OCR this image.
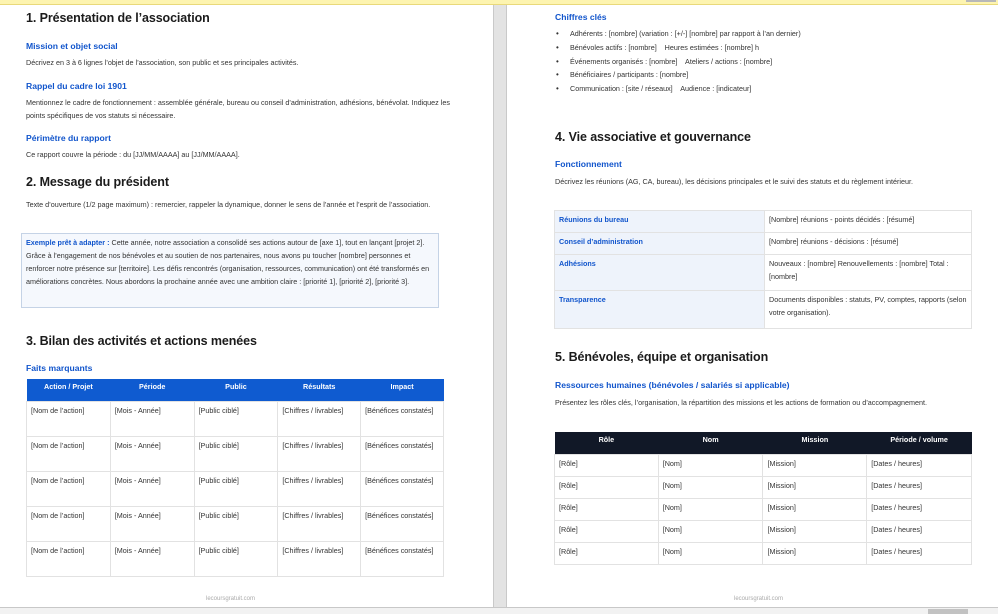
1. Présentation de l’association
Mission et objet social
Décrivez en 3 à 6 lignes l’objet de l’association, son public et ses principales activités.
Rappel du cadre loi 1901
Mentionnez le cadre de fonctionnement : assemblée générale, bureau ou conseil d’administration, adhésions, bénévolat. Indiquez les points spécifiques de vos statuts si nécessaire.
Périmètre du rapport
Ce rapport couvre la période : du [JJ/MM/AAAA] au [JJ/MM/AAAA].
2. Message du président
Texte d’ouverture (1/2 page maximum) : remercier, rappeler la dynamique, donner le sens de l’année et l’esprit de l’association.
Exemple prêt à adapter : Cette année, notre association a consolidé ses actions autour de [axe 1], tout en lançant [projet 2]. Grâce à l’engagement de nos bénévoles et au soutien de nos partenaires, nous avons pu toucher [nombre] personnes et renforcer notre présence sur [territoire]. Les défis rencontrés (organisation, ressources, communication) ont été transformés en améliorations concrètes. Nous abordons la prochaine année avec une ambition claire : [priorité 1], [priorité 2], [priorité 3].
3. Bilan des activités et actions menées
Faits marquants
Action / Projet	Période	Public	Résultats	Impact
[Nom de l’action]	[Mois - Année]	[Public ciblé]	[Chiffres / livrables]	[Bénéfices constatés]
[Nom de l’action]	[Mois - Année]	[Public ciblé]	[Chiffres / livrables]	[Bénéfices constatés]
[Nom de l’action]	[Mois - Année]	[Public ciblé]	[Chiffres / livrables]	[Bénéfices constatés]
[Nom de l’action]	[Mois - Année]	[Public ciblé]	[Chiffres / livrables]	[Bénéfices constatés]
[Nom de l’action]	[Mois - Année]	[Public ciblé]	[Chiffres / livrables]	[Bénéfices constatés]
lecoursgratuit.com
Chiffres clés
• Adhérents : [nombre] (variation : [+/-] [nombre] par rapport à l’an dernier)
• Bénévoles actifs : [nombre]    Heures estimées : [nombre] h
• Événements organisés : [nombre]    Ateliers / actions : [nombre]
• Bénéficiaires / participants : [nombre]
• Communication : [site / réseaux]    Audience : [indicateur]
4. Vie associative et gouvernance
Fonctionnement
Décrivez les réunions (AG, CA, bureau), les décisions principales et le suivi des statuts et du règlement intérieur.
Réunions du bureau	[Nombre] réunions - points décidés : [résumé]
Conseil d’administration	[Nombre] réunions - décisions : [résumé]
Adhésions	Nouveaux : [nombre] Renouvellements : [nombre] Total : [nombre]
Transparence	Documents disponibles : statuts, PV, comptes, rapports (selon votre organisation).
5. Bénévoles, équipe et organisation
Ressources humaines (bénévoles / salariés si applicable)
Présentez les rôles clés, l’organisation, la répartition des missions et les actions de formation ou d’accompagnement.
Rôle	Nom	Mission	Période / volume
[Rôle]	[Nom]	[Mission]	[Dates / heures]
[Rôle]	[Nom]	[Mission]	[Dates / heures]
[Rôle]	[Nom]	[Mission]	[Dates / heures]
[Rôle]	[Nom]	[Mission]	[Dates / heures]
[Rôle]	[Nom]	[Mission]	[Dates / heures]
lecoursgratuit.com
